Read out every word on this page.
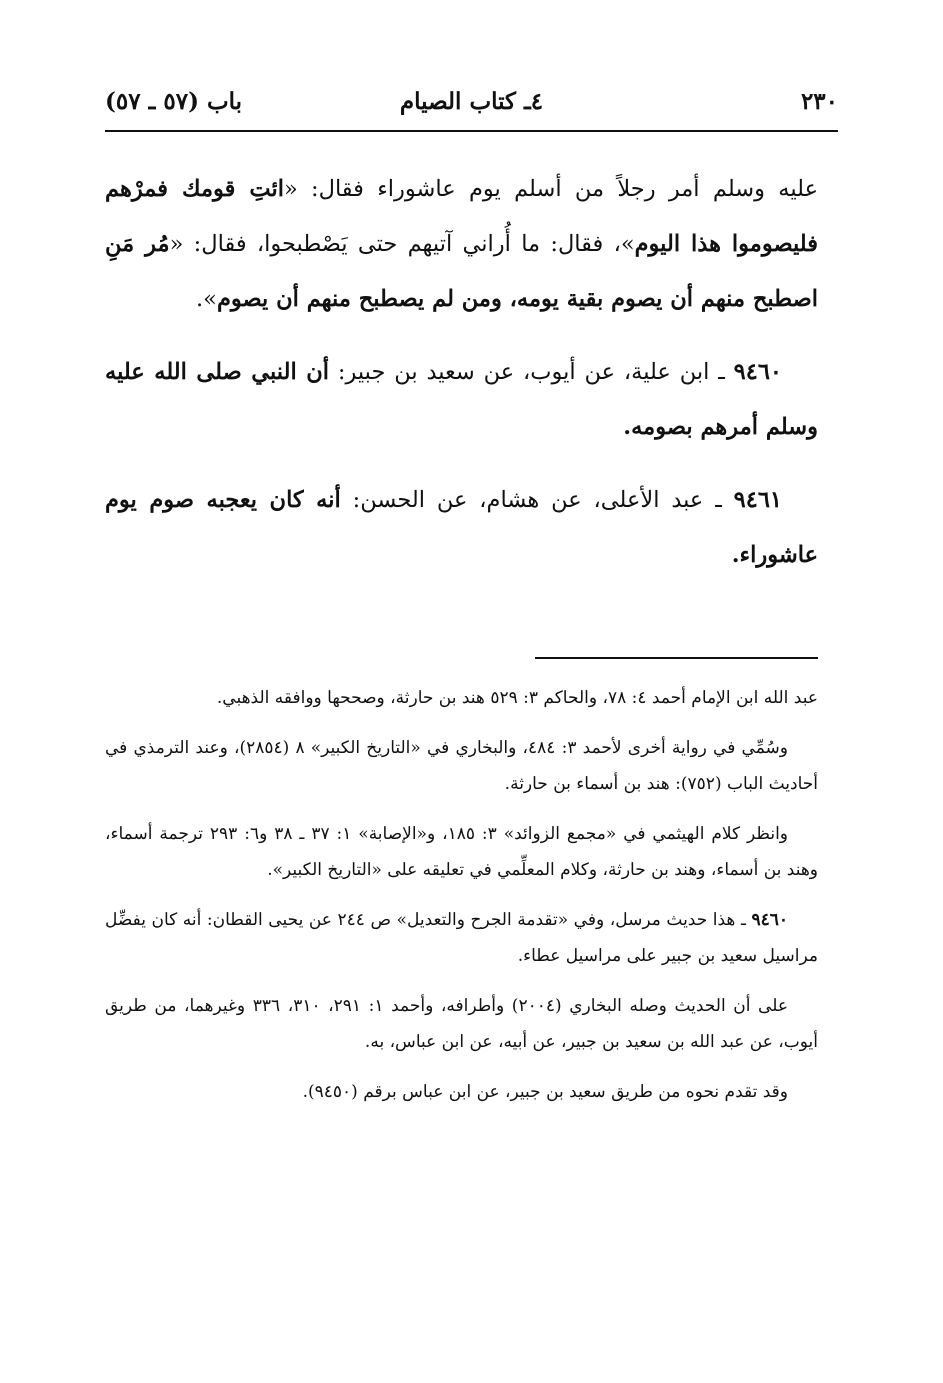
٢٣٠
٤ـ كتاب الصيام
باب (٥٧ ـ ٥٧)

عليه وسلم أمر رجلاً من أسلم يوم عاشوراء فقال: «ائتِ قومك فمرْهم فليصوموا هذا اليوم»، فقال: ما أُراني آتيهم حتى يَصْطبحوا، فقال: «مُر مَنِ اصطبح منهم أن يصوم بقية يومه، ومن لم يصطبح منهم أن يصوم».

٩٤٦٠ ـ ابن علية، عن أيوب، عن سعيد بن جبير: أن النبي صلى الله عليه وسلم أمرهم بصومه.

٩٤٦١ ـ عبد الأعلى، عن هشام، عن الحسن: أنه كان يعجبه صوم يوم عاشوراء.

عبد الله ابن الإمام أحمد ٤: ٧٨، والحاكم ٣: ٥٢٩ هند بن حارثة، وصححها ووافقه الذهبي.

وسُمِّي في رواية أخرى لأحمد ٣: ٤٨٤، والبخاري في «التاريخ الكبير» ٨ (٢٨٥٤)، وعند الترمذي في أحاديث الباب (٧٥٢): هند بن أسماء بن حارثة.

وانظر كلام الهيثمي في «مجمع الزوائد» ٣: ١٨٥، و«الإصابة» ١: ٣٧ ـ ٣٨ و٦: ٢٩٣ ترجمة أسماء، وهند بن أسماء، وهند بن حارثة، وكلام المعلِّمي في تعليقه على «التاريخ الكبير».

٩٤٦٠ ـ هذا حديث مرسل، وفي «تقدمة الجرح والتعديل» ص ٢٤٤ عن يحيى القطان: أنه كان يفضِّل مراسيل سعيد بن جبير على مراسيل عطاء.

على أن الحديث وصله البخاري (٢٠٠٤) وأطرافه، وأحمد ١: ٢٩١، ٣١٠، ٣٣٦ وغيرهما، من طريق أيوب، عن عبد الله بن سعيد بن جبير، عن أبيه، عن ابن عباس، به.

وقد تقدم نحوه من طريق سعيد بن جبير، عن ابن عباس برقم (٩٤٥٠).
